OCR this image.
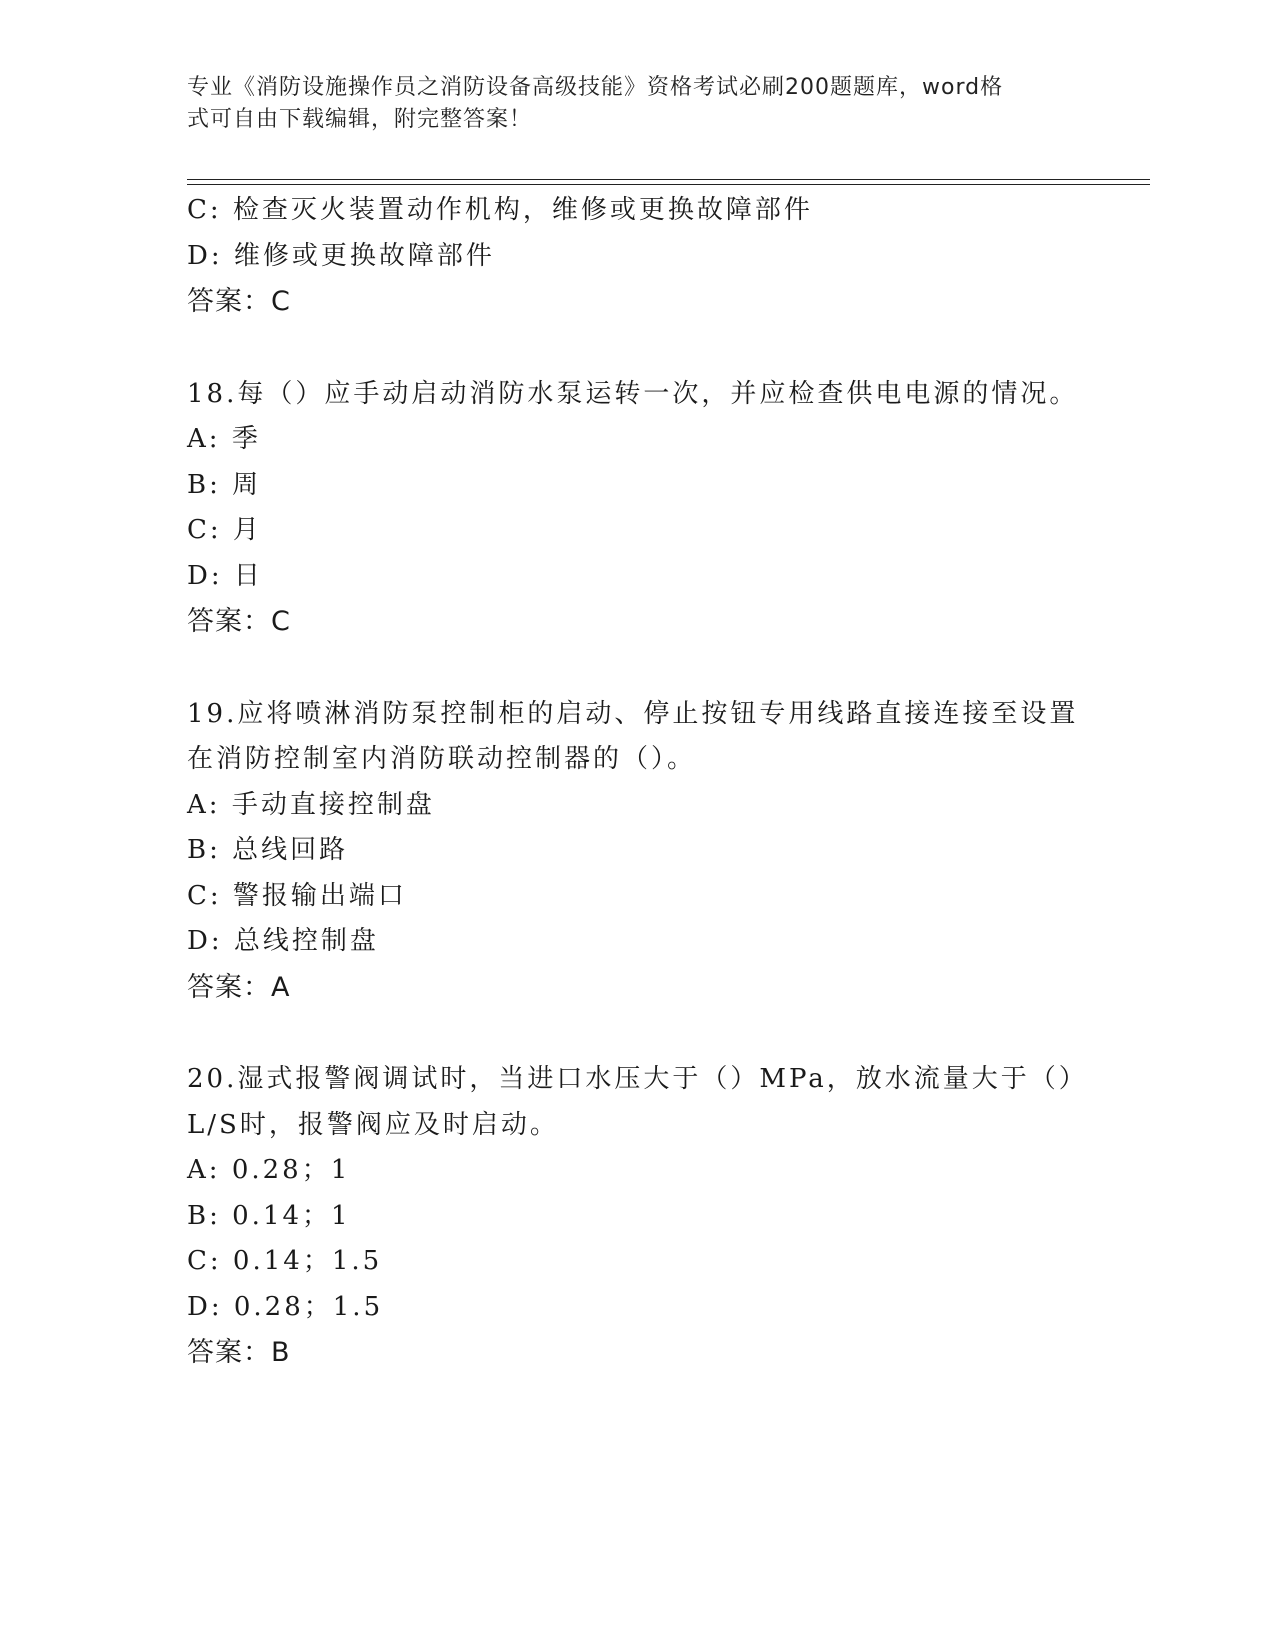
专业《消防设施操作员之消防设备高级技能》资格考试必刷200题题库，word格
式可自由下载编辑，附完整答案！
C: 检查灭火装置动作机构，维修或更换故障部件
D: 维修或更换故障部件
答案：C
18.每（）应手动启动消防水泵运转一次，并应检查供电电源的情况。
A: 季
B: 周
C: 月
D: 日
答案：C
19.应将喷淋消防泵控制柜的启动、停止按钮专用线路直接连接至设置
在消防控制室内消防联动控制器的（）。
A: 手动直接控制盘
B: 总线回路
C: 警报输出端口
D: 总线控制盘
答案：A
20.湿式报警阀调试时，当进口水压大于（）MPa，放水流量大于（）
L/S时，报警阀应及时启动。
A: 0.28；1
B: 0.14；1
C: 0.14；1.5
D: 0.28；1.5
答案：B
